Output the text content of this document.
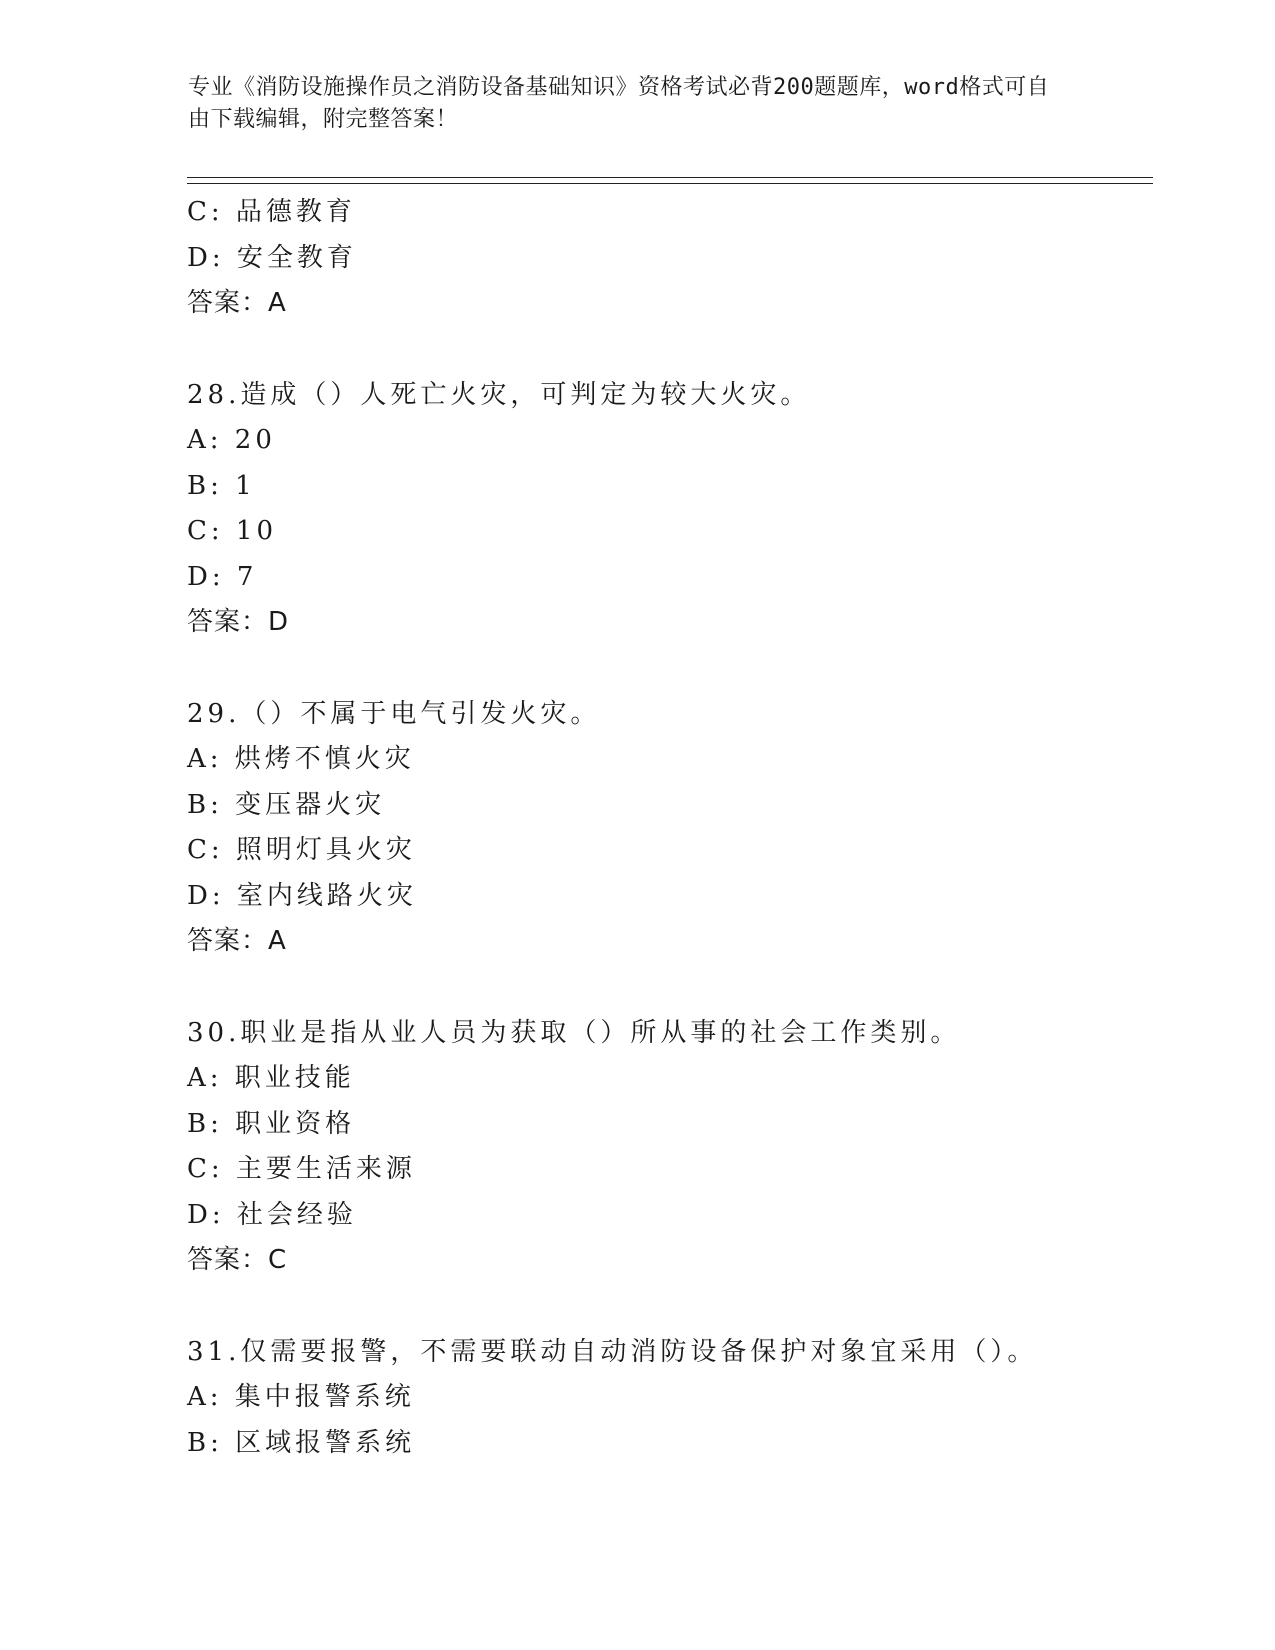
专业《消防设施操作员之消防设备基础知识》资格考试必背200题题库，word格式可自由下载编辑，附完整答案！
C: 品德教育
D: 安全教育
答案：A
28.造成（）人死亡火灾，可判定为较大火灾。
A: 20
B: 1
C: 10
D: 7
答案：D
29.（）不属于电气引发火灾。
A: 烘烤不慎火灾
B: 变压器火灾
C: 照明灯具火灾
D: 室内线路火灾
答案：A
30.职业是指从业人员为获取（）所从事的社会工作类别。
A: 职业技能
B: 职业资格
C: 主要生活来源
D: 社会经验
答案：C
31.仅需要报警，不需要联动自动消防设备保护对象宜采用（）。
A: 集中报警系统
B: 区域报警系统
